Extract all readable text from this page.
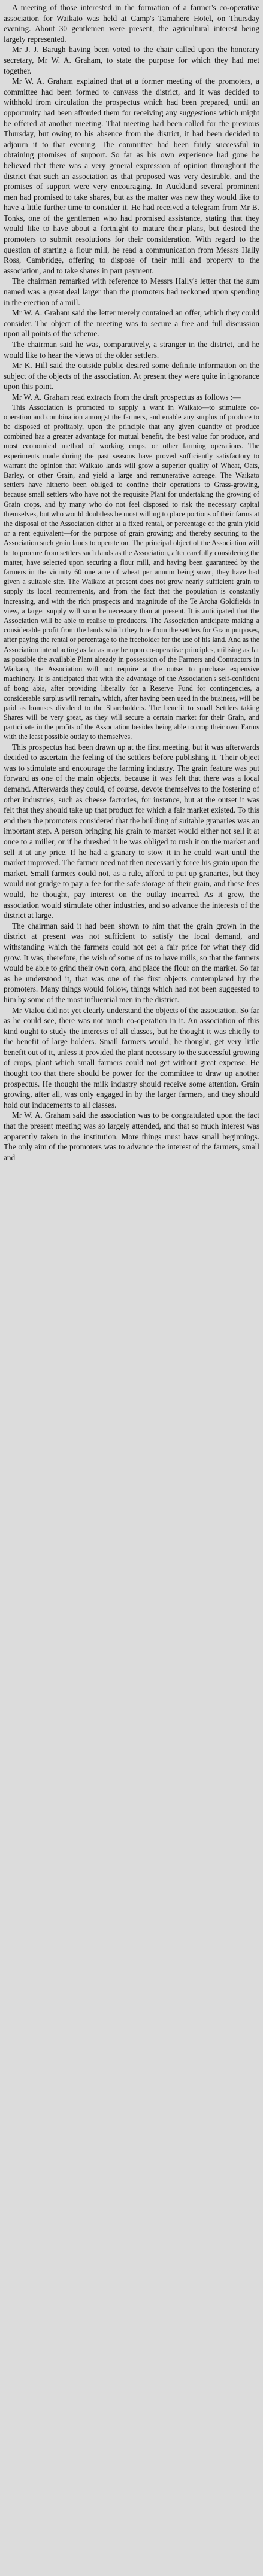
A meeting of those interested in the formation of a farmer's co-operative association for Waikato was held at Camp's Tamahere Hotel, on Thursday evening. About 30 gentlemen were present, the agricultural interest being largely represented.

Mr J. J. Barugh having been voted to the chair called upon the honorary secretary, Mr W. A. Graham, to state the purpose for which they had met together.

Mr W. A. Graham explained that at a former meeting of the promoters, a committee had been formed to canvass the district, and it was decided to withhold from circulation the prospectus which had been prepared, until an opportunity had been afforded them for receiving any suggestions which might be offered at another meeting. That meeting had been called for the previous Thursday, but owing to his absence from the district, it had been decided to adjourn it to that evening. The committee had been fairly successful in obtaining promises of support. So far as his own experience had gone he believed that there was a very general expression of opinion throughout the district that such an association as that proposed was very desirable, and the promises of support were very encouraging. In Auckland several prominent men had promised to take shares, but as the matter was new they would like to have a little further time to consider it. He had received a telegram from Mr B. Tonks, one of the gentlemen who had promised assistance, stating that they would like to have about a fortnight to mature their plans, but desired the promoters to submit resolutions for their consideration. With regard to the question of starting a flour mill, he read a communication from Messrs Hally Ross, Cambridge, offering to dispose of their mill and property to the association, and to take shares in part payment.

The chairman remarked with reference to Messrs Hally's letter that the sum named was a great deal larger than the promoters had reckoned upon spending in the erection of a mill.

Mr W. A. Graham said the letter merely contained an offer, which they could consider. The object of the meeting was to secure a free and full discussion upon all points of the scheme.

The chairman said he was, comparatively, a stranger in the district, and he would like to hear the views of the older settlers.

Mr K. Hill said the outside public desired some definite information on the subject of the objects of the association. At present they were quite in ignorance upon this point.

Mr W. A. Graham read extracts from the draft prospectus as follows :—

This Association is promoted to supply a want in Waikato—to stimulate co-operation and combination amongst the farmers, and enable any surplus of produce to be disposed of profitably, upon the principle that any given quantity of produce combined has a greater advantage for mutual benefit, the best value for produce, and most economical method of working crops, or other farming operations. The experiments made during the past seasons have proved sufficiently satisfactory to warrant the opinion that Waikato lands will grow a superior quality of Wheat, Oats, Barley, or other Grain, and yield a large and remunerative acreage. The Waikato settlers have hitherto been obliged to confine their operations to Grass-growing, because small settlers who have not the requisite Plant for undertaking the growing of Grain crops, and by many who do not feel disposed to risk the necessary capital themselves, but who would doubtless be most willing to place portions of their farms at the disposal of the Association either at a fixed rental, or percentage of the grain yield or a rent equivalent—for the purpose of grain growing; and thereby securing to the Association such grain lands to operate on. The principal object of the Association will be to procure from settlers such lands as the Association, after carefully considering the matter, have selected upon securing a flour mill, and having been guaranteed by the farmers in the vicinity 60 one acre of wheat per annum being sown, they have had given a suitable site. The Waikato at present does not grow nearly sufficient grain to supply its local requirements, and from the fact that the population is constantly increasing, and with the rich prospects and magnitude of the Te Aroha Goldfields in view, a larger supply will soon be necessary than at present. It is anticipated that the Association will be able to realise to producers. The Association anticipate making a considerable profit from the lands which they hire from the settlers for Grain purposes, after paying the rental or percentage to the freeholder for the use of his land. And as the Association intend acting as far as may be upon co-operative principles, utilising as far as possible the available Plant already in possession of the Farmers and Contractors in Waikato, the Association will not require at the outset to purchase expensive machinery. It is anticipated that with the advantage of the Association's self-confident of bong abis, after providing liberally for a Reserve Fund for contingencies, a considerable surplus will remain, which, after having been used in the business, will be paid as bonuses dividend to the Shareholders. The benefit to small Settlers taking Shares will be very great, as they will secure a certain market for their Grain, and participate in the profits of the Association besides being able to crop their own Farms with the least possible outlay to themselves.

This prospectus had been drawn up at the first meeting, but it was afterwards decided to ascertain the feeling of the settlers before publishing it. Their object was to stimulate and encourage the farming industry. The grain feature was put forward as one of the main objects, because it was felt that there was a local demand. Afterwards they could, of course, devote themselves to the fostering of other industries, such as cheese factories, for instance, but at the outset it was felt that they should take up that product for which a fair market existed. To this end then the promoters considered that the building of suitable granaries was an important step. A person bringing his grain to market would either not sell it at once to a miller, or if he threshed it he was obliged to rush it on the market and sell it at any price. If he had a granary to stow it in he could wait until the market improved. The farmer need not then necessarily force his grain upon the market. Small farmers could not, as a rule, afford to put up granaries, but they would not grudge to pay a fee for the safe storage of their grain, and these fees would, he thought, pay interest on the outlay incurred. As it grew, the association would stimulate other industries, and so advance the interests of the district at large.

The chairman said it had been shown to him that the grain grown in the district at present was not sufficient to satisfy the local demand, and withstanding which the farmers could not get a fair price for what they did grow. It was, therefore, the wish of some of us to have mills, so that the farmers would be able to grind their own corn, and place the flour on the market. So far as he understood it, that was one of the first objects contemplated by the promoters. Many things would follow, things which had not been suggested to him by some of the most influential men in the district.

Mr Vialou did not yet clearly understand the objects of the association. So far as he could see, there was not much co-operation in it. An association of this kind ought to study the interests of all classes, but he thought it was chiefly to the benefit of large holders. Small farmers would, he thought, get very little benefit out of it, unless it provided the plant necessary to the successful growing of crops, plant which small farmers could not get without great expense. He thought too that there should be power for the committee to draw up another prospectus. He thought the milk industry should receive some attention. Grain growing, after all, was only engaged in by the larger farmers, and they should hold out inducements to all classes.

Mr W. A. Graham said the association was to be congratulated upon the fact that the present meeting was so largely attended, and that so much interest was apparently taken in the institution. More things must have small beginnings. The only aim of the promoters was to advance the interest of the farmers, small and
